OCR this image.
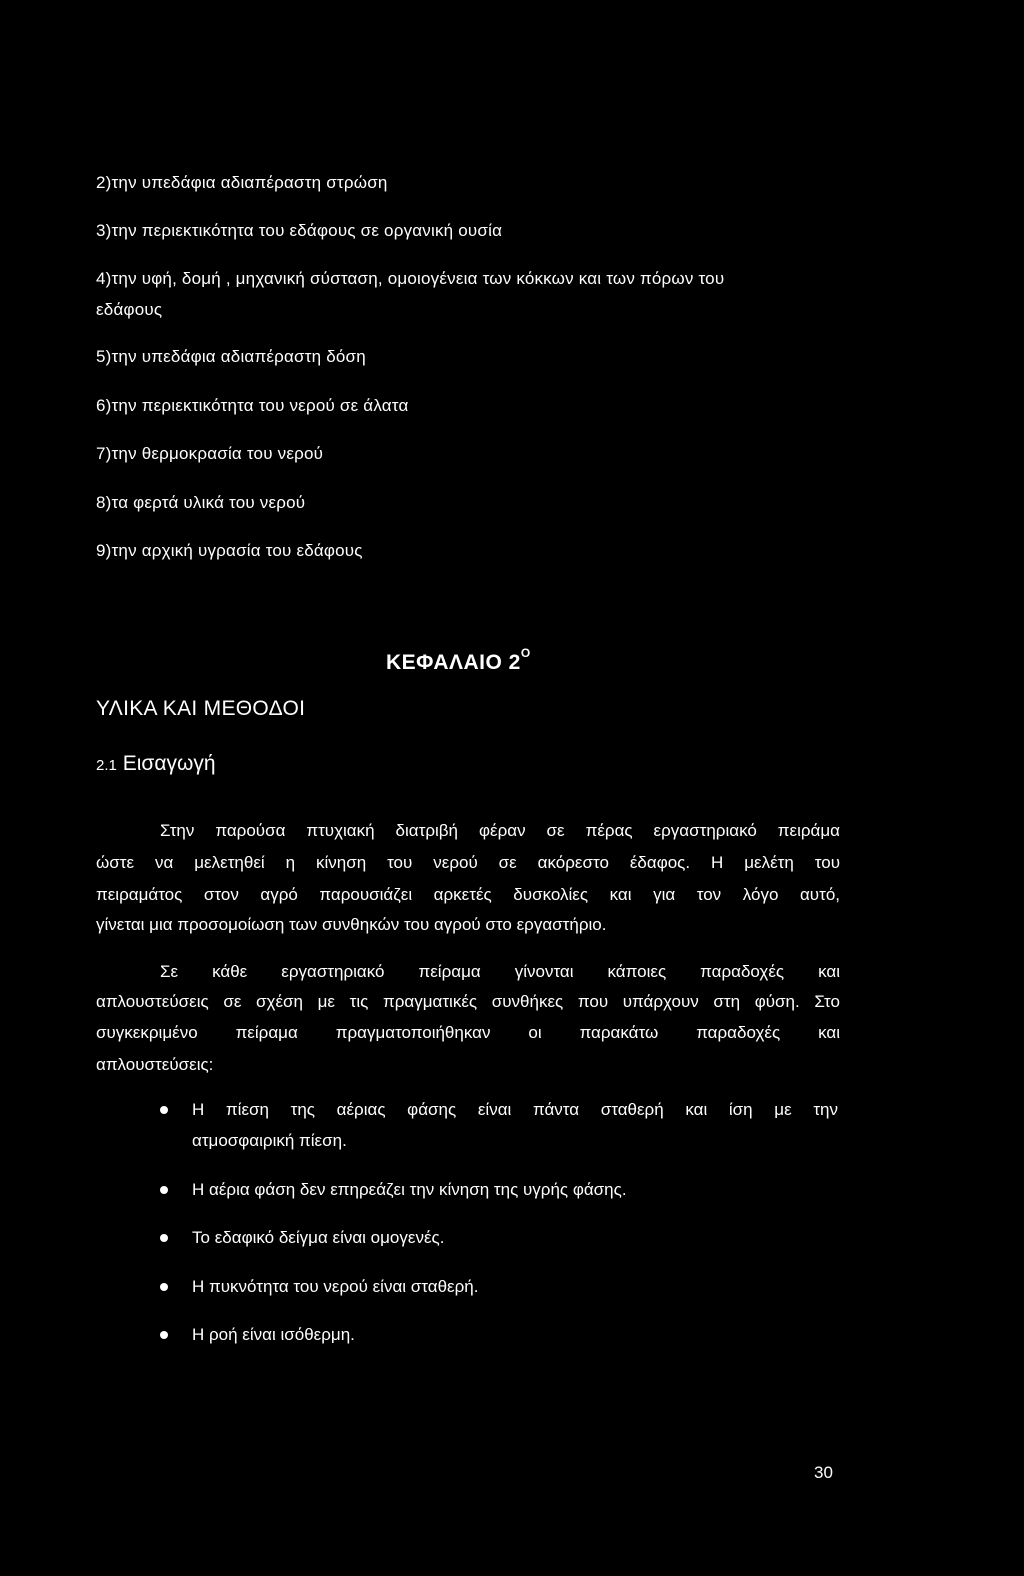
2)την υπεδάφια αδιαπέραστη στρώση
3)την περιεκτικότητα του εδάφους σε οργανική ουσία
4)την υφή, δομή , μηχανική σύσταση, ομοιογένεια των κόκκων και των πόρων του
εδάφους
5)την υπεδάφια αδιαπέραστη δόση
6)την περιεκτικότητα του νερού σε άλατα
7)την θερμοκρασία του νερού
8)τα φερτά υλικά του νερού
9)την αρχική υγρασία του εδάφους
ΚΕΦΑΛΑΙΟ $2^O$
ΥΛΙΚΑ ΚΑΙ ΜΕΘΟΔΟΙ
2.1 Εισαγωγή
Στην παρούσα πτυχιακή διατριβή φέραν σε πέρας εργαστηριακό πειράμα
ώστε να μελετηθεί η κίνηση του νερού σε ακόρεστο έδαφος. Η μελέτη του
πειραμάτος στον αγρό παρουσιάζει αρκετές δυσκολίες και για τον λόγο αυτό,
γίνεται μια προσομοίωση των συνθηκών του αγρού στο εργαστήριο.
Σε κάθε εργαστηριακό πείραμα γίνονται κάποιες παραδοχές και
απλουστεύσεις σε σχέση με τις πραγματικές συνθήκες που υπάρχουν στη φύση. Στο
συγκεκριμένο πείραμα πραγματοποιήθηκαν οι παρακάτω παραδοχές και
απλουστεύσεις:
Η πίεση της αέριας φάσης είναι πάντα σταθερή και ίση με την
ατμοσφαιρική πίεση.
Η αέρια φάση δεν επηρεάζει την κίνηση της υγρής φάσης.
Το εδαφικό δείγμα είναι ομογενές.
Η πυκνότητα του νερού είναι σταθερή.
Η ροή είναι ισόθερμη.
30
